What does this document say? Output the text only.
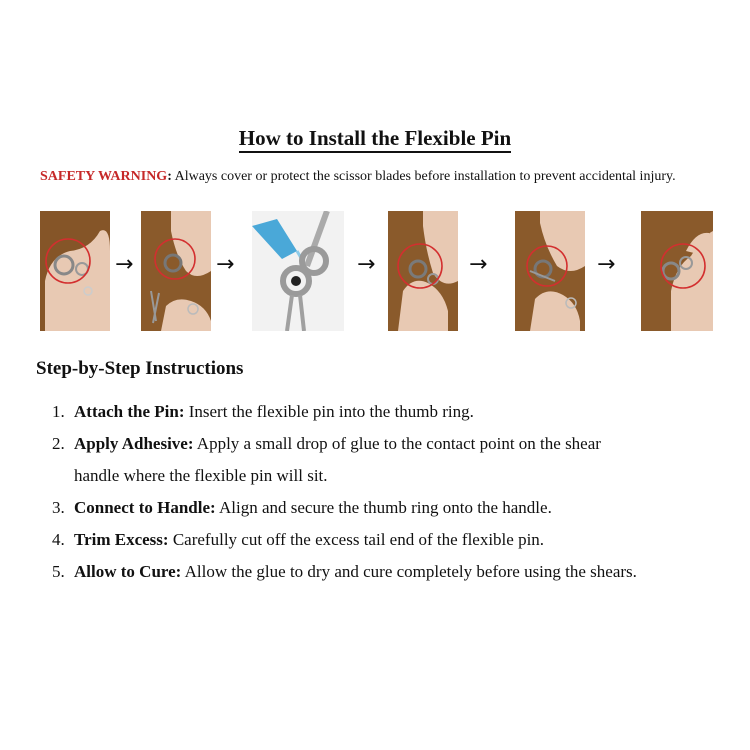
How to Install the Flexible Pin
SAFETY WARNING: Always cover or protect the scissor blades before installation to prevent accidental injury.
→	→	→	→	→
Step-by-Step Instructions
1. Attach the Pin: Insert the flexible pin into the thumb ring.
2. Apply Adhesive: Apply a small drop of glue to the contact point on the shear
handle where the flexible pin will sit.
3. Connect to Handle: Align and secure the thumb ring onto the handle.
4. Trim Excess: Carefully cut off the excess tail end of the flexible pin.
5. Allow to Cure: Allow the glue to dry and cure completely before using the shears.
